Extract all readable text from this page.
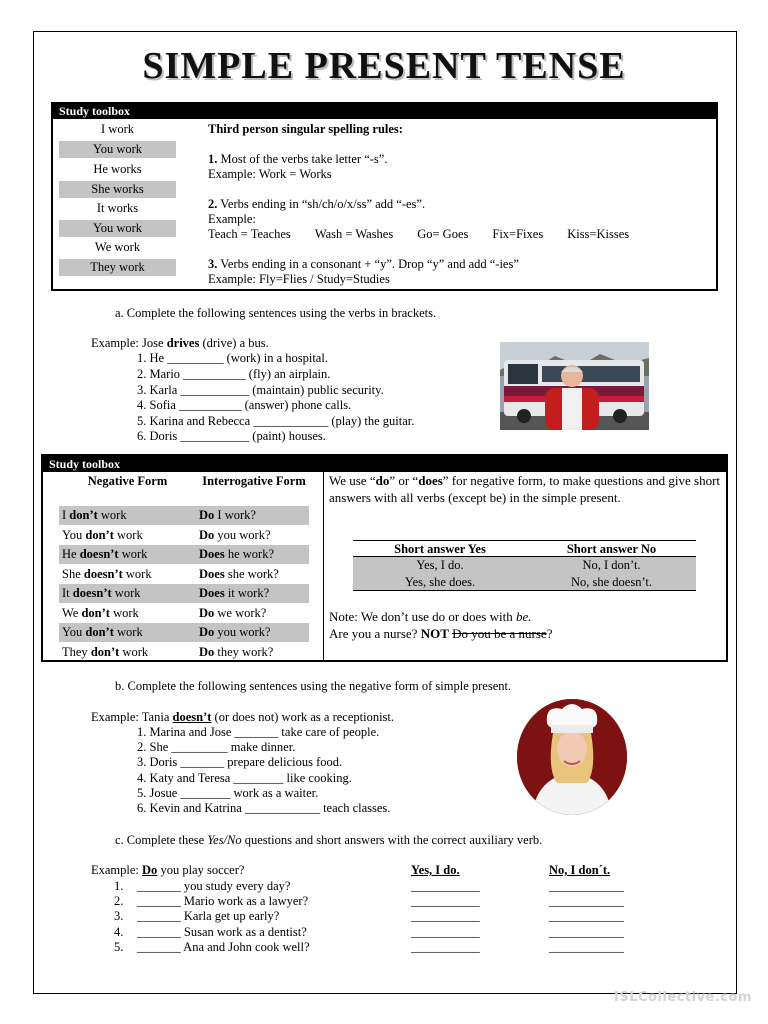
SIMPLE PRESENT TENSE
Study toolbox
I work
You work
He works
She works
It works
You work
We work
They work

Third person singular spelling rules:

1. Most of the verbs take letter “-s”.

Example: Work = Works

2. Verbs ending in “sh/ch/o/x/ss” add “-es”.

Example:

Teach = Teaches Wash = Washes Go= Goes Fix=Fixes Kiss=Kisses

3. Verbs ending in a consonant + “y”. Drop “y” and add “-ies”

Example: Fly=Flies / Study=Studies

a. Complete the following sentences using the verbs in brackets.
Example: Jose drives (drive) a bus.
1. He _________ (work) in a hospital.
2. Mario __________ (fly) an airplain.
3. Karla ___________ (maintain) public security.
4. Sofia __________ (answer) phone calls.
5. Karina and Rebecca ____________ (play) the guitar.
6. Doris ___________ (paint) houses.
Study toolbox
Negative Form	Interrogative Form
I don’t work	Do I work?
You don’t work	Do you work?
He doesn’t work	Does he work?
She doesn’t work	Does she work?
It doesn’t work	Does it work?
We don’t work	Do we work?
You don’t work	Do you work?
They don’t work	Do they work?
We use “do” or “does” for negative form, to make questions and give short answers with all verbs (except be) in the simple present.
Short answer Yes	Short answer No
Yes, I do.	No, I don’t.
Yes, she does.	No, she doesn’t.
Note: We don’t use do or does with be.
Are you a nurse? NOT Do you be a nurse?
b. Complete the following sentences using the negative form of simple present.
Example: Tania doesn’t (or does not) work as a receptionist.
1. Marina and Jose _______ take care of people.
2. She _________ make dinner.
3. Doris _______ prepare delicious food.
4. Katy and Teresa ________ like cooking.
5. Josue ________ work as a waiter.
6. Kevin and Katrina ____________ teach classes.
c. Complete these Yes/No questions and short answers with the correct auxiliary verb.
Example: Do you play soccer?	Yes, I do.	No, I don´t.
1. _______ you study every day?	___________	____________
2. _______ Mario work as a lawyer?	___________	____________
3. _______ Karla get up early?	___________	____________
4. _______ Susan work as a dentist?	___________	____________
5. _______ Ana and John cook well?	___________	____________
ISLCollective.com
